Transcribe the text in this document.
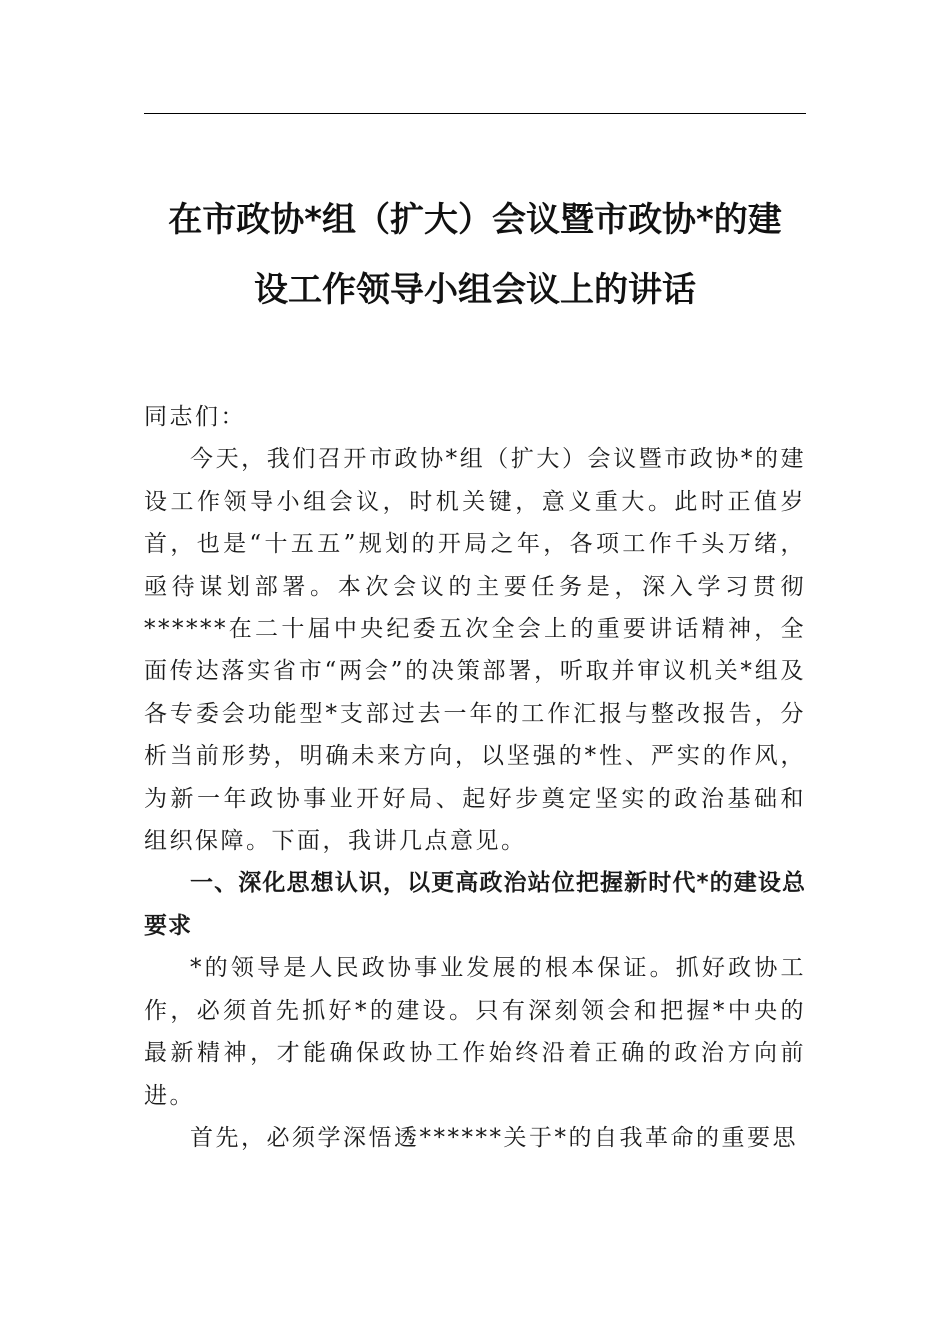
在市政协*组（扩大）会议暨市政协*的建
设工作领导小组会议上的讲话

同志们：

今天，我们召开市政协*组（扩大）会议暨市政协*的建设工作领导小组会议，时机关键，意义重大。此时正值岁首，也是“十五五”规划的开局之年，各项工作千头万绪，亟待谋划部署。本次会议的主要任务是，深入学习贯彻******在二十届中央纪委五次全会上的重要讲话精神，全面传达落实省市“两会”的决策部署，听取并审议机关*组及各专委会功能型*支部过去一年的工作汇报与整改报告，分析当前形势，明确未来方向，以坚强的*性、严实的作风，为新一年政协事业开好局、起好步奠定坚实的政治基础和组织保障。下面，我讲几点意见。

一、深化思想认识，以更高政治站位把握新时代*的建设总要求

*的领导是人民政协事业发展的根本保证。抓好政协工作，必须首先抓好*的建设。只有深刻领会和把握*中央的最新精神，才能确保政协工作始终沿着正确的政治方向前进。

首先，必须学深悟透******关于*的自我革命的重要思
